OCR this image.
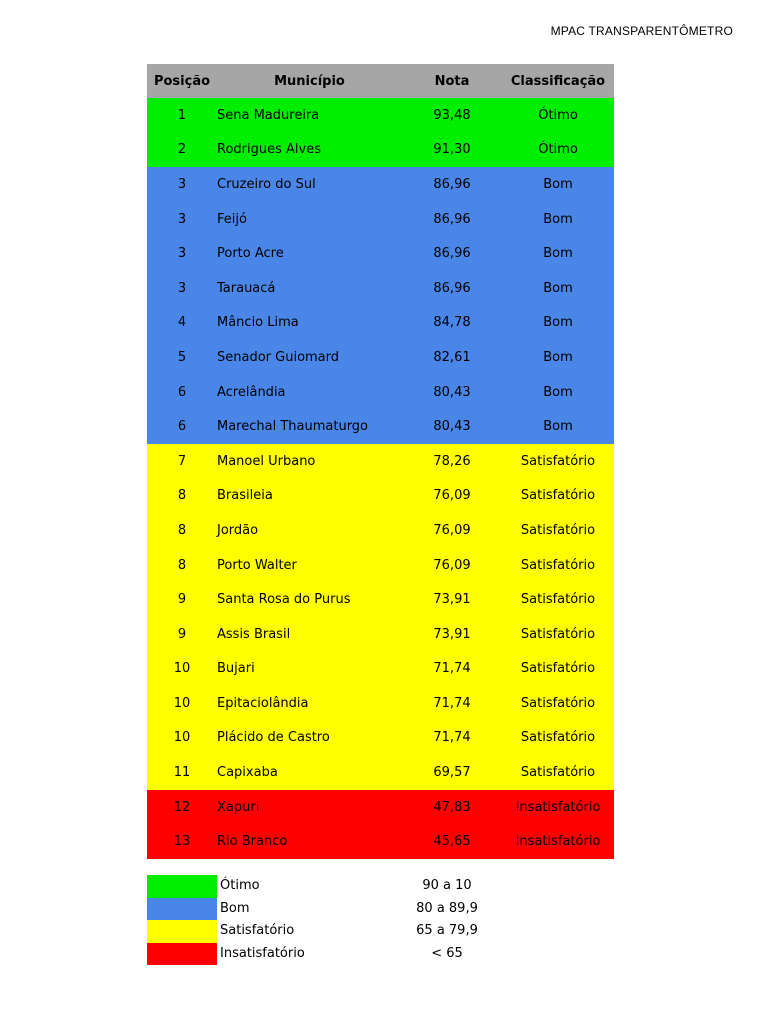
MPAC TRANSPARENTÔMETRO
Posição	Município	Nota	Classificação
1	Sena Madureira	93,48	Ótimo
2	Rodrigues Alves	91,30	Ótimo
3	Cruzeiro do Sul	86,96	Bom
3	Feijó	86,96	Bom
3	Porto Acre	86,96	Bom
3	Tarauacá	86,96	Bom
4	Mâncio Lima	84,78	Bom
5	Senador Guiomard	82,61	Bom
6	Acrelândia	80,43	Bom
6	Marechal Thaumaturgo	80,43	Bom
7	Manoel Urbano	78,26	Satisfatório
8	Brasileia	76,09	Satisfatório
8	Jordão	76,09	Satisfatório
8	Porto Walter	76,09	Satisfatório
9	Santa Rosa do Purus	73,91	Satisfatório
9	Assis Brasil	73,91	Satisfatório
10	Bujari	71,74	Satisfatório
10	Epitaciolândia	71,74	Satisfatório
10	Plácido de Castro	71,74	Satisfatório
11	Capixaba	69,57	Satisfatório
12	Xapuri	47,83	Insatisfatório
13	Rio Branco	45,65	Insatisfatório
Ótimo	90 a 10
Bom	80 a 89,9
Satisfatório	65 a 79,9
Insatisfatório	< 65
